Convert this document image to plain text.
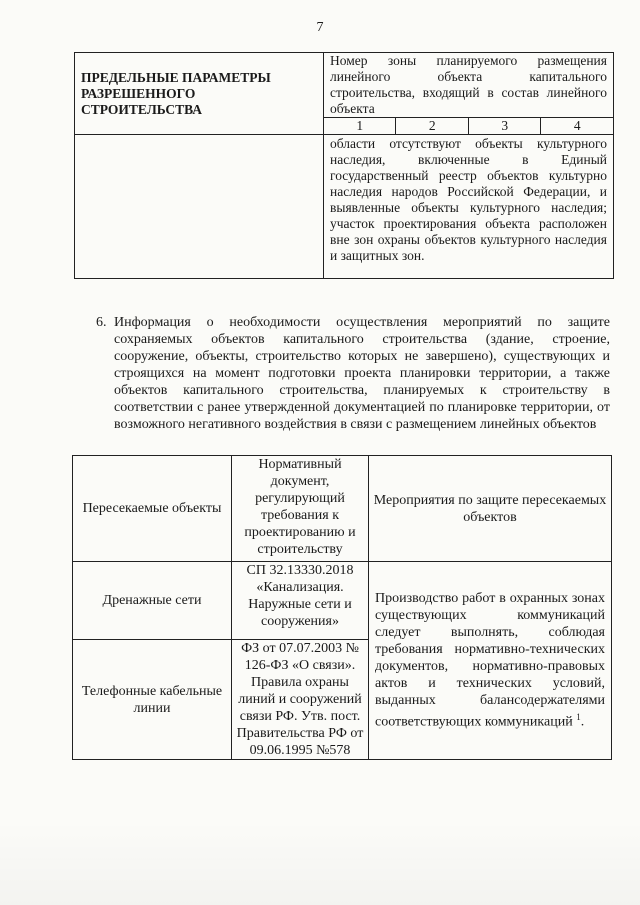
7
ПРЕДЕЛЬНЫЕ ПАРАМЕТРЫ РАЗРЕШЕННОГО СТРОИТЕЛЬСТВА	Номер зоны планируемого размещения линейного объекта капитального строительства, входящий в состав линейного объекта			
	1	2	3	4
	области отсутствуют объекты культурного наследия, включенные в Единый государственный реестр объектов культурно наследия народов Российской Федерации, и выявленные объекты культурного наследия; участок проектирования объекта расположен вне зон охраны объектов культурного наследия и защитных зон.			
6. Информация о необходимости осуществления мероприятий по защите сохраняемых объектов капитального строительства (здание, строение, сооружение, объекты, строительство которых не завершено), существующих и строящихся на момент подготовки проекта планировки территории, а также объектов капитального строительства, планируемых к строительству в соответствии с ранее утвержденной документацией по планировке территории, от возможного негативного воздействия в связи с размещением линейных объектов
Пересекаемые объекты	Нормативный документ, регулирующий требования к проектированию и строительству	Мероприятия по защите пересекаемых объектов
Дренажные сети	СП 32.13330.2018 «Канализация. Наружные сети и сооружения»	Производство работ в охранных зонах существующих коммуникаций следует выполнять, соблюдая требования нормативно-технических документов, нормативно-правовых актов и технических условий, выданных балансодержателями соответствующих коммуникаций $^1$.
Телефонные кабельные линии	ФЗ от 07.07.2003 № 126-ФЗ «О связи». Правила охраны линий и сооружений связи РФ. Утв. пост. Правительства РФ от 09.06.1995 №578	
